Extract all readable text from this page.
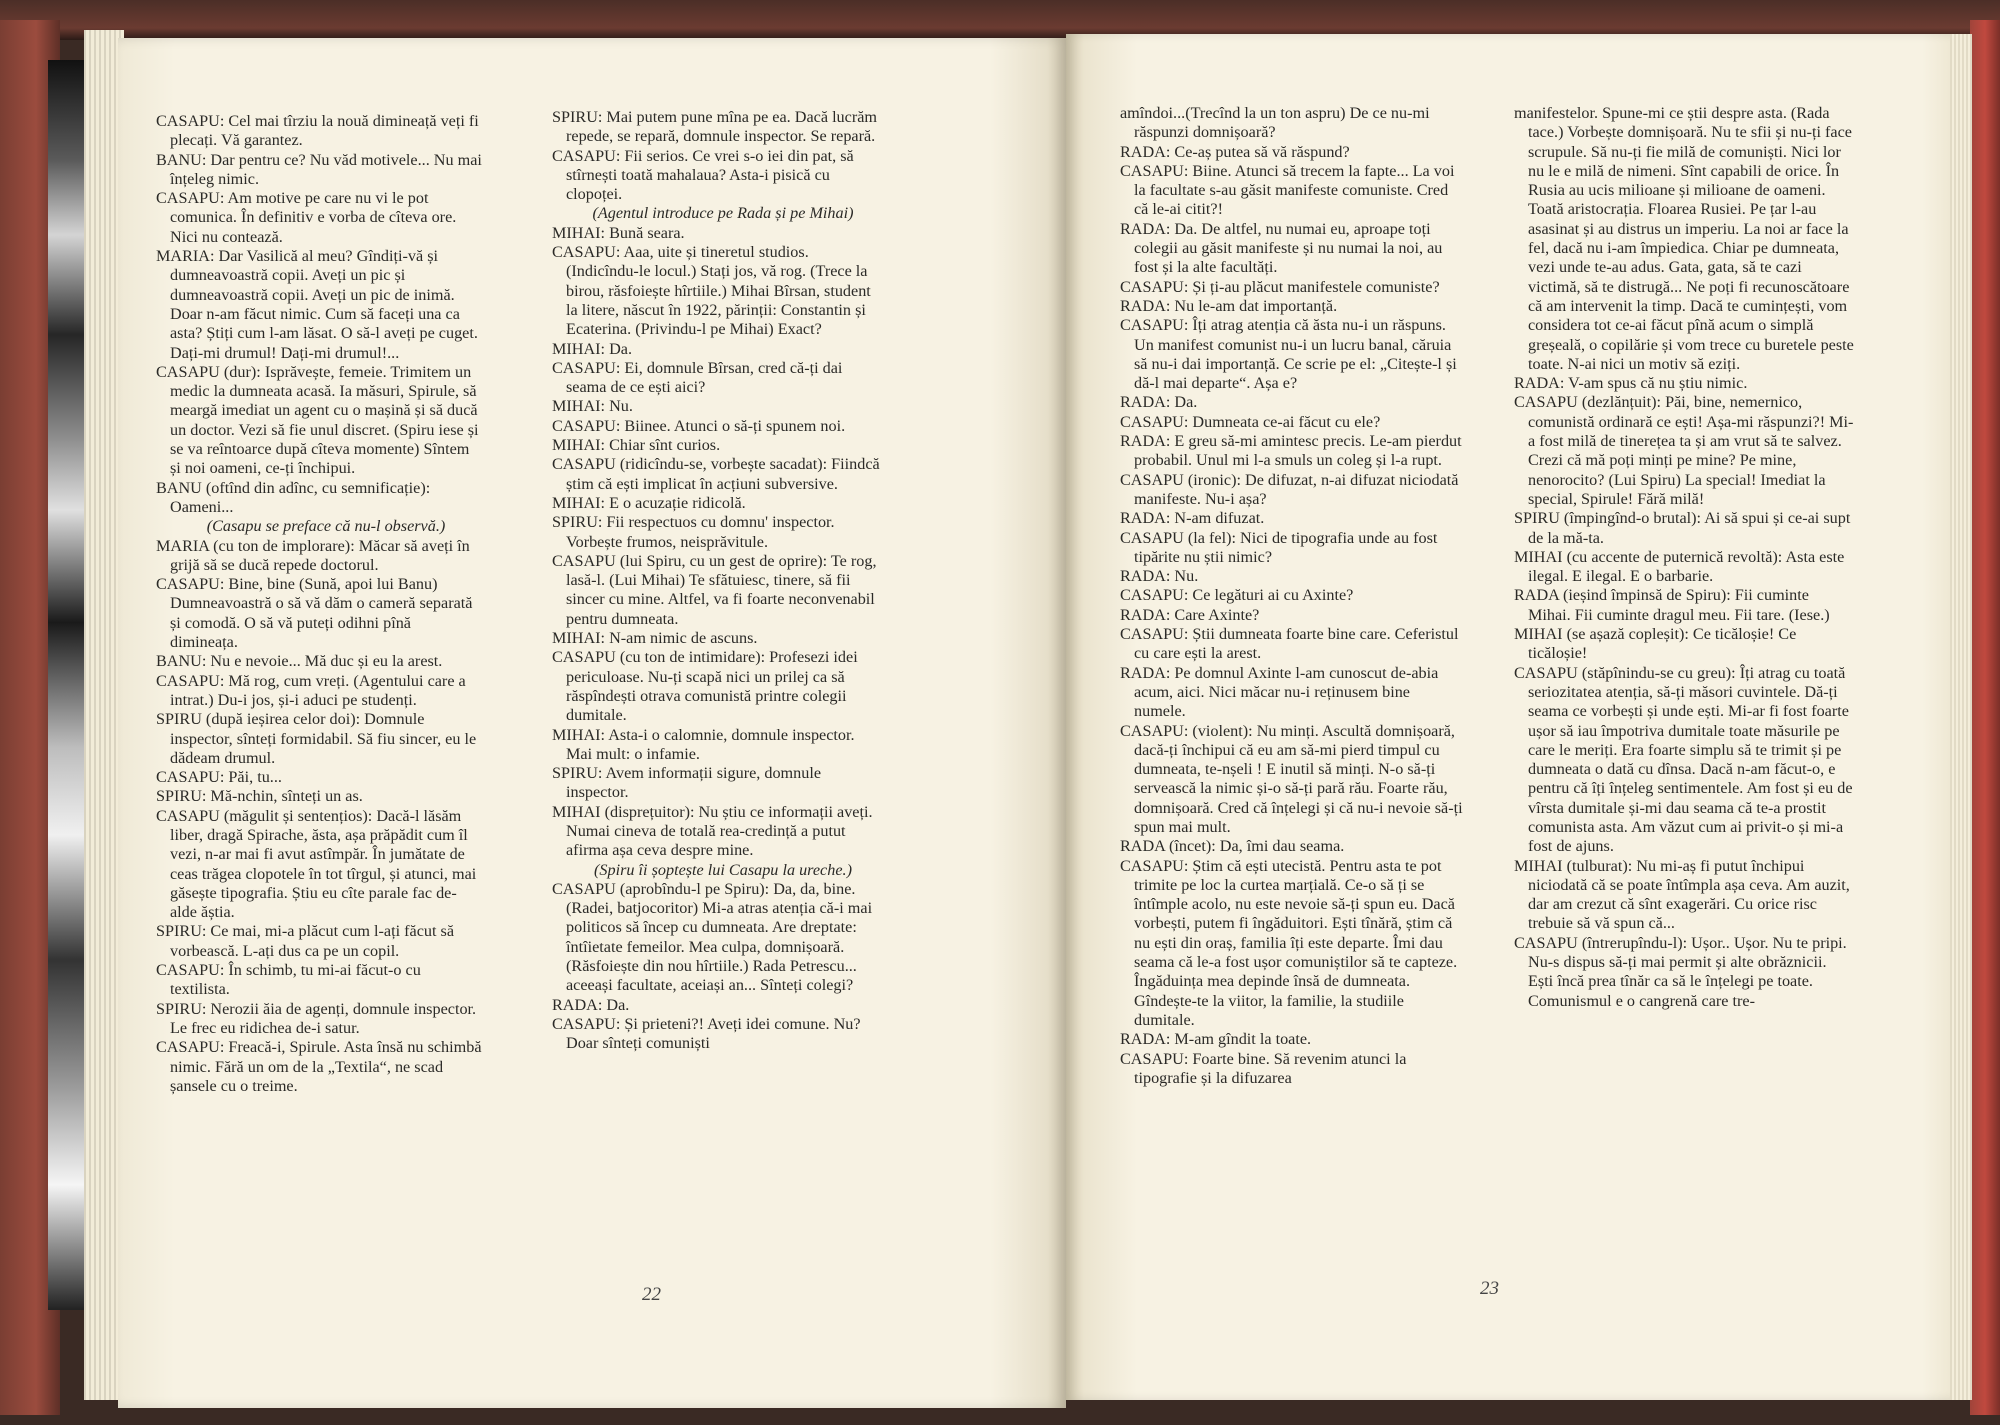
CASAPU: Cel mai tîrziu la nouă dimineață veți fi plecați. Vă garantez.

BANU: Dar pentru ce? Nu văd motivele... Nu mai înțeleg nimic.

CASAPU: Am motive pe care nu vi le pot comunica. În definitiv e vorba de cîteva ore. Nici nu contează.

MARIA: Dar Vasilică al meu? Gîndiți-vă și dumneavoastră copii. Aveți un pic și dumneavoastră copii. Aveți un pic de inimă. Doar n-am făcut nimic. Cum să faceți una ca asta? Știți cum l-am lăsat. O să-l aveți pe cuget. Dați-mi drumul! Dați-mi drumul!...

CASAPU (dur): Isprăvește, femeie. Trimitem un medic la dumneata acasă. Ia măsuri, Spirule, să meargă imediat un agent cu o mașină și să ducă un doctor. Vezi să fie unul discret. (Spiru iese și se va reîntoarce după cîteva momente) Sîntem și noi oameni, ce-ți închipui.

BANU (oftînd din adînc, cu semnificație): Oameni...

(Casapu se preface că nu-l observă.)

MARIA (cu ton de implorare): Măcar să aveți în grijă să se ducă repede doctorul.

CASAPU: Bine, bine (Sună, apoi lui Banu) Dumneavoastră o să vă dăm o cameră separată și comodă. O să vă puteți odihni pînă dimineața.

BANU: Nu e nevoie... Mă duc și eu la arest.

CASAPU: Mă rog, cum vreți. (Agentului care a intrat.) Du-i jos, și-i aduci pe studenți.

SPIRU (după ieșirea celor doi): Domnule inspector, sînteți formidabil. Să fiu sincer, eu le dădeam drumul.

CASAPU: Păi, tu...

SPIRU: Mă-nchin, sînteți un as.

CASAPU (măgulit și sentențios): Dacă-l lăsăm liber, dragă Spirache, ăsta, așa prăpădit cum îl vezi, n-ar mai fi avut astîmpăr. În jumătate de ceas trăgea clopotele în tot tîrgul, și atunci, mai găsește tipografia. Știu eu cîte parale fac de-alde ăștia.

SPIRU: Ce mai, mi-a plăcut cum l-ați făcut să vorbească. L-ați dus ca pe un copil.

CASAPU: În schimb, tu mi-ai făcut-o cu textilista.

SPIRU: Nerozii ăia de agenți, domnule inspector. Le frec eu ridichea de-i satur.

CASAPU: Freacă-i, Spirule. Asta însă nu schimbă nimic. Fără un om de la „Textila“, ne scad șansele cu o treime.

SPIRU: Mai putem pune mîna pe ea. Dacă lucrăm repede, se repară, domnule inspector. Se repară.

CASAPU: Fii serios. Ce vrei s-o iei din pat, să stîrnești toată mahalaua? Asta-i pisică cu clopoței.

(Agentul introduce pe Rada și pe Mihai)

MIHAI: Bună seara.

CASAPU: Aaa, uite și tineretul studios. (Indicîndu-le locul.) Stați jos, vă rog. (Trece la birou, răsfoiește hîrtiile.) Mihai Bîrsan, student la litere, născut în 1922, părinții: Constantin și Ecaterina. (Privindu-l pe Mihai) Exact?

MIHAI: Da.

CASAPU: Ei, domnule Bîrsan, cred că-ți dai seama de ce ești aici?

MIHAI: Nu.

CASAPU: Biinee. Atunci o să-ți spunem noi.

MIHAI: Chiar sînt curios.

CASAPU (ridicîndu-se, vorbește sacadat): Fiindcă știm că ești implicat în acțiuni subversive.

MIHAI: E o acuzație ridicolă.

SPIRU: Fii respectuos cu domnu' inspector. Vorbește frumos, neisprăvitule.

CASAPU (lui Spiru, cu un gest de oprire): Te rog, lasă-l. (Lui Mihai) Te sfătuiesc, tinere, să fii sincer cu mine. Altfel, va fi foarte neconvenabil pentru dumneata.

MIHAI: N-am nimic de ascuns.

CASAPU (cu ton de intimidare): Profesezi idei periculoase. Nu-ți scapă nici un prilej ca să răspîndești otrava comunistă printre colegii dumitale.

MIHAI: Asta-i o calomnie, domnule inspector. Mai mult: o infamie.

SPIRU: Avem informații sigure, domnule inspector.

MIHAI (disprețuitor): Nu știu ce informații aveți. Numai cineva de totală rea-credință a putut afirma așa ceva despre mine.

(Spiru îi șoptește lui Casapu la ureche.)

CASAPU (aprobîndu-l pe Spiru): Da, da, bine. (Radei, batjocoritor) Mi-a atras atenția că-i mai politicos să încep cu dumneata. Are dreptate: întîietate femeilor. Mea culpa, domnișoară. (Răsfoiește din nou hîrtiile.) Rada Petrescu... aceeași facultate, aceiași an... Sînteți colegi?

RADA: Da.

CASAPU: Și prieteni?! Aveți idei comune. Nu? Doar sînteți comuniști

amîndoi...(Trecînd la un ton aspru) De ce nu-mi răspunzi domnișoară?

RADA: Ce-aș putea să vă răspund?

CASAPU: Biine. Atunci să trecem la fapte... La voi la facultate s-au găsit manifeste comuniste. Cred că le-ai citit?!

RADA: Da. De altfel, nu numai eu, aproape toți colegii au găsit manifeste și nu numai la noi, au fost și la alte facultăți.

CASAPU: Și ți-au plăcut manifestele comuniste?

RADA: Nu le-am dat importanță.

CASAPU: Îți atrag atenția că ăsta nu-i un răspuns. Un manifest comunist nu-i un lucru banal, căruia să nu-i dai importanță. Ce scrie pe el: „Citește-l și dă-l mai departe“. Așa e?

RADA: Da.

CASAPU: Dumneata ce-ai făcut cu ele?

RADA: E greu să-mi amintesc precis. Le-am pierdut probabil. Unul mi l-a smuls un coleg și l-a rupt.

CASAPU (ironic): De difuzat, n-ai difuzat niciodată manifeste. Nu-i așa?

RADA: N-am difuzat.

CASAPU (la fel): Nici de tipografia unde au fost tipărite nu știi nimic?

RADA: Nu.

CASAPU: Ce legături ai cu Axinte?

RADA: Care Axinte?

CASAPU: Știi dumneata foarte bine care. Ceferistul cu care ești la arest.

RADA: Pe domnul Axinte l-am cunoscut de-abia acum, aici. Nici măcar nu-i reținusem bine numele.

CASAPU: (violent): Nu minți. Ascultă domnișoară, dacă-ți închipui că eu am să-mi pierd timpul cu dumneata, te-nșeli ! E inutil să minți. N-o să-ți servească la nimic și-o să-ți pară rău. Foarte rău, domnișoară. Cred că înțelegi și că nu-i nevoie să-ți spun mai mult.

RADA (încet): Da, îmi dau seama.

CASAPU: Știm că ești utecistă. Pentru asta te pot trimite pe loc la curtea marțială. Ce-o să ți se întîmple acolo, nu este nevoie să-ți spun eu. Dacă vorbești, putem fi îngăduitori. Ești tînără, știm că nu ești din oraș, familia îți este departe. Îmi dau seama că le-a fost ușor comuniștilor să te capteze. Îngăduința mea depinde însă de dumneata. Gîndește-te la viitor, la familie, la studiile dumitale.

RADA: M-am gîndit la toate.

CASAPU: Foarte bine. Să revenim atunci la tipografie și la difuzarea

manifestelor. Spune-mi ce știi despre asta. (Rada tace.) Vorbește domnișoară. Nu te sfii și nu-ți face scrupule. Să nu-ți fie milă de comuniști. Nici lor nu le e milă de nimeni. Sînt capabili de orice. În Rusia au ucis milioane și milioane de oameni. Toată aristocrația. Floarea Rusiei. Pe țar l-au asasinat și au distrus un imperiu. La noi ar face la fel, dacă nu i-am împiedica. Chiar pe dumneata, vezi unde te-au adus. Gata, gata, să te cazi victimă, să te distrugă... Ne poți fi recunoscătoare că am intervenit la timp. Dacă te cumințești, vom considera tot ce-ai făcut pînă acum o simplă greșeală, o copilărie și vom trece cu buretele peste toate. N-ai nici un motiv să eziți.

RADA: V-am spus că nu știu nimic.

CASAPU (dezlănțuit): Păi, bine, nemernico, comunistă ordinară ce ești! Așa-mi răspunzi?! Mi-a fost milă de tinerețea ta și am vrut să te salvez. Crezi că mă poți minți pe mine? Pe mine, nenorocito? (Lui Spiru) La special! Imediat la special, Spirule! Fără milă!

SPIRU (împingînd-o brutal): Ai să spui și ce-ai supt de la mă-ta.

MIHAI (cu accente de puternică revoltă): Asta este ilegal. E ilegal. E o barbarie.

RADA (ieșind împinsă de Spiru): Fii cuminte Mihai. Fii cuminte dragul meu. Fii tare. (Iese.)

MIHAI (se așază copleșit): Ce ticăloșie! Ce ticăloșie!

CASAPU (stăpînindu-se cu greu): Îți atrag cu toată seriozitatea atenția, să-ți măsori cuvintele. Dă-ți seama ce vorbești și unde ești. Mi-ar fi fost foarte ușor să iau împotriva dumitale toate măsurile pe care le meriți. Era foarte simplu să te trimit și pe dumneata o dată cu dînsa. Dacă n-am făcut-o, e pentru că îți înțeleg sentimentele. Am fost și eu de vîrsta dumitale și-mi dau seama că te-a prostit comunista asta. Am văzut cum ai privit-o și mi-a fost de ajuns.

MIHAI (tulburat): Nu mi-aș fi putut închipui niciodată că se poate întîmpla așa ceva. Am auzit, dar am crezut că sînt exagerări. Cu orice risc trebuie să vă spun că...

CASAPU (întrerupîndu-l): Ușor.. Ușor. Nu te pripi. Nu-s dispus să-ți mai permit și alte obrăznicii. Ești încă prea tînăr ca să le înțelegi pe toate. Comunismul e o cangrenă care tre-

22	23
